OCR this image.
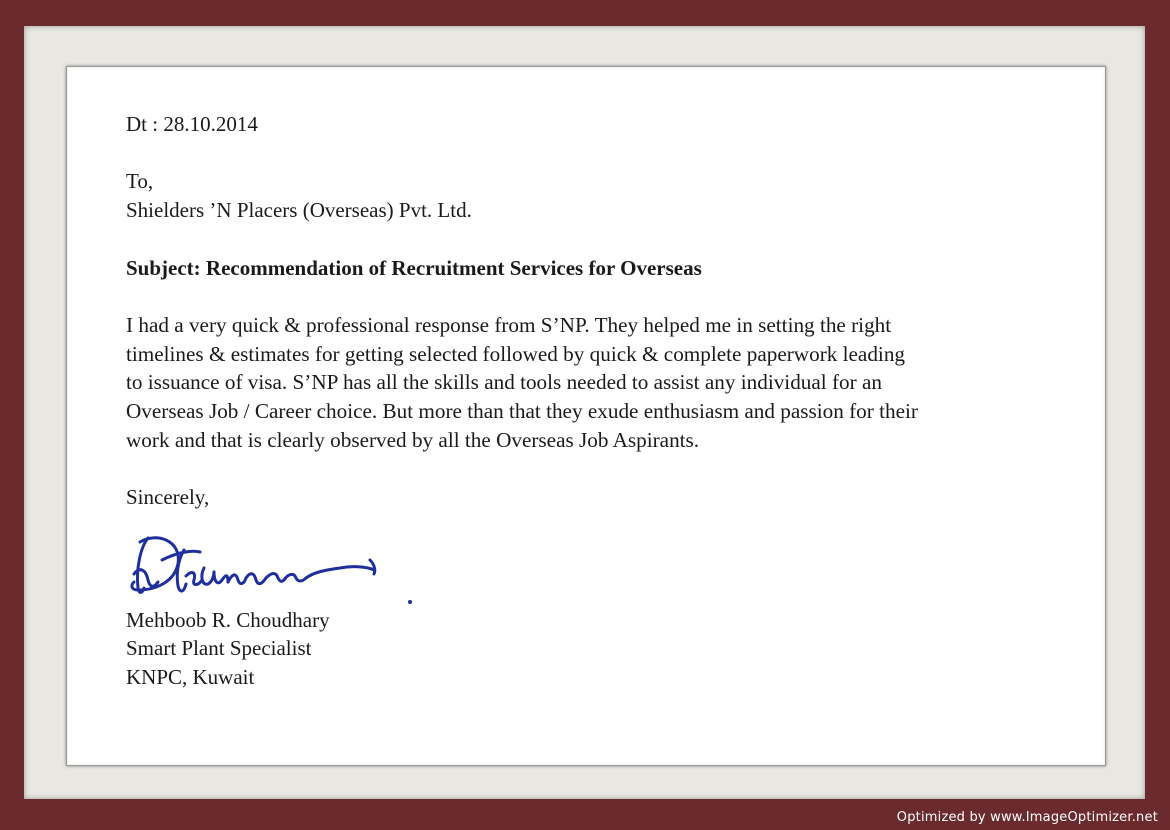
Dt : 28.10.2014

To,

Shielders ’N Placers (Overseas) Pvt. Ltd.

Subject: Recommendation of Recruitment Services for Overseas

I had a very quick & professional response from S’NP. They helped me in setting the right
timelines & estimates for getting selected followed by quick & complete paperwork leading
to issuance of visa. S’NP has all the skills and tools needed to assist any individual for an
Overseas Job / Career choice. But more than that they exude enthusiasm and passion for their
work and that is clearly observed by all the Overseas Job Aspirants.

Sincerely,

Mehboob R. Choudhary

Smart Plant Specialist

KNPC, Kuwait

Optimized by www.ImageOptimizer.net
